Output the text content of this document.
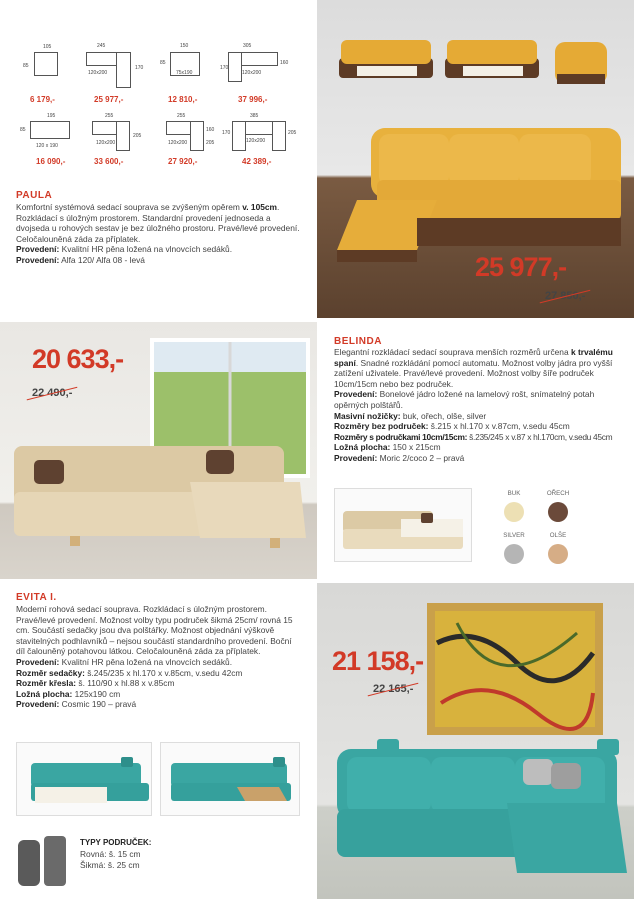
105
85
6 179,-
245
170
120x200
25 977,-
150
85
75x190
12 810,-
305
170
160
120x200
37 996,-
195
85
120 x 190
16 090,-
255
205
120x200
33 600,-
255
160
205
120x200
27 920,-
385
170	205
120x200
42 389,-
PAULA
Komfortní systémová sedací souprava se zvýšeným opěrem v. 105cm. Rozkládací s úložným prostorem. Standardní provedení jednoseda a dvojseda u rohových sestav je bez úložného prostoru. Pravé/levé provedení. Celočalouněná záda za příplatek.
Provedení: Kvalitní HR pěna ložená na vlnovcích sedáků.
Provedení: Alfa 120/ Alfa 08 - levá	25 977,-
27 850,-
20 633,-
22 490,-
BELINDA
Elegantní rozkládací sedací souprava menších rozměrů určena k trvalému spaní. Snadné rozkládání pomocí automatu. Možnost volby jádra pro vyšší zatížení uživatele. Pravé/levé provedení. Možnost volby šíře područek 10cm/15cm nebo bez područek.
Provedení: Bonelové jádro ložené na lamelový rošt, snímatelný potah opěrných polštářů.
Masivní nožičky: buk, ořech, olše, silver
Rozměry bez područek: š.215 x hl.170 x v.87cm, v.sedu 45cm
Rozměry s područkami 10cm/15cm: š.235/245 x v.87 x hl.170cm, v.sedu 45cm
Ložná plocha: 150 x 215cm
Provedení: Moric 2/coco 2 – pravá
BUK	OŘECH
SILVER	OLŠE
EVITA I.
Moderní rohová sedací souprava. Rozkládací s úložným prostorem. Pravé/levé provedení. Možnost volby typu područek šikmá 25cm/ rovná 15 cm. Součástí sedačky jsou dva polštářky. Možnost objednání výškově stavitelných podhlavníků – nejsou součástí standardního provedení. Boční díl čalouněný potahovou látkou. Celočalouněná záda za příplatek.
Provedení: Kvalitní HR pěna ložená na vlnovcích sedáků.
Rozměr sedačky: š.245/235 x hl.170 x v.85cm, v.sedu 42cm
Rozměr křesla: š. 110/90 x hl.88 x v.85cm
Ložná plocha: 125x190 cm
Provedení: Cosmic 190 – pravá
TYPY PODRUČEK:
Rovná: š. 15 cm
Šikmá: š. 25 cm
21 158,-
22 165,-
